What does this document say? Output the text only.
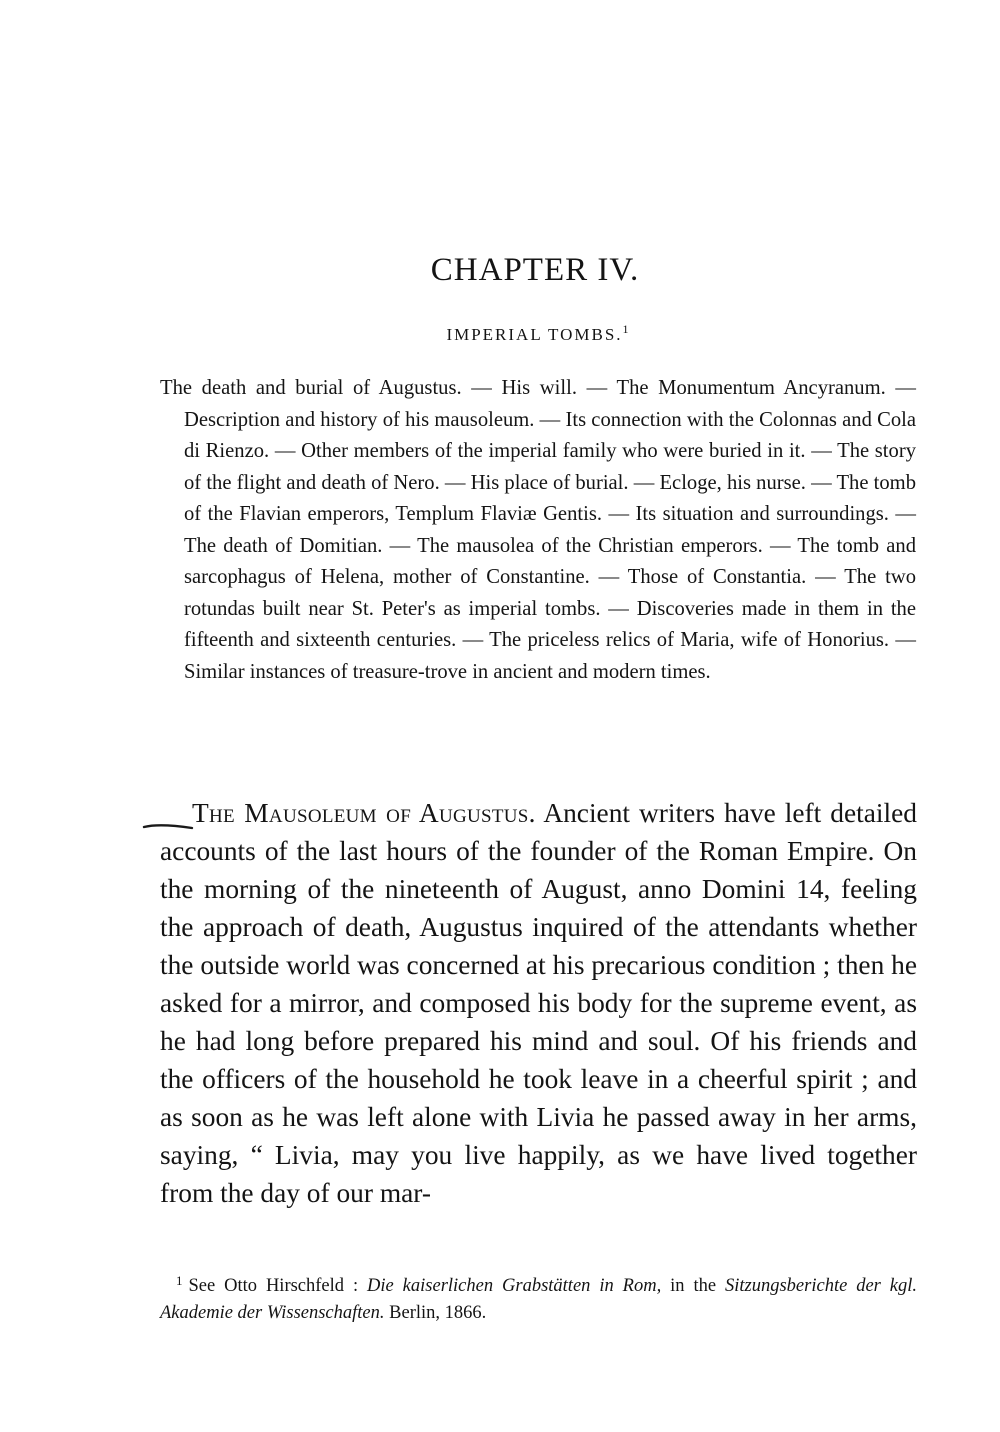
CHAPTER IV.
IMPERIAL TOMBS.$^1$

The death and burial of Augustus. — His will. — The Monumentum Ancyranum. — Description and history of his mausoleum. — Its connection with the Colonnas and Cola di Rienzo. — Other members of the imperial family who were buried in it. — The story of the flight and death of Nero. — His place of burial. — Ecloge, his nurse. — The tomb of the Flavian emperors, Templum Flaviæ Gentis. — Its situation and surroundings. — The death of Domitian. — The mausolea of the Christian emperors. — The tomb and sarcophagus of Helena, mother of Constantine. — Those of Constantia. — The two rotundas built near St. Peter's as imperial tombs. — Discoveries made in them in the fifteenth and sixteenth centuries. — The priceless relics of Maria, wife of Honorius. — Similar instances of treasure-trove in ancient and modern times.

The Mausoleum of Augustus. Ancient writers have left detailed accounts of the last hours of the founder of the Roman Empire. On the morning of the nineteenth of August, anno Domini 14, feeling the approach of death, Augustus inquired of the attendants whether the outside world was concerned at his precarious condition ; then he asked for a mirror, and composed his body for the supreme event, as he had long before prepared his mind and soul. Of his friends and the officers of the household he took leave in a cheerful spirit ; and as soon as he was left alone with Livia he passed away in her arms, saying, “ Livia, may you live happily, as we have lived together from the day of our mar-

$^1$ See Otto Hirschfeld : Die kaiserlichen Grabstätten in Rom, in the Sitzungsberichte der kgl. Akademie der Wissenschaften. Berlin, 1866.
